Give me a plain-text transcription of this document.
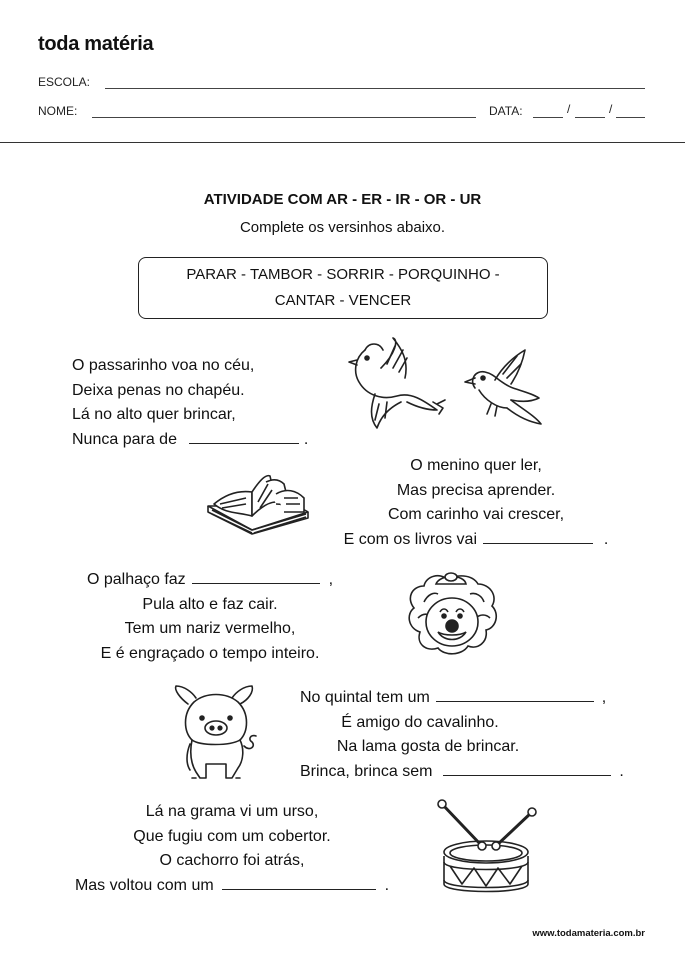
toda matéria
ESCOLA:
NOME:	DATA:	/	/
ATIVIDADE COM AR - ER - IR - OR - UR
Complete os versinhos abaixo.
PARAR - TAMBOR - SORRIR - PORQUINHO -
CANTAR - VENCER
O passarinho voa no céu,
Deixa penas no chapéu.
Lá no alto quer brincar,
Nunca para de	.
O menino quer ler,
Mas precisa aprender.
Com carinho vai crescer,
E com os livros vai	.
O palhaço faz	,
Pula alto e faz cair.
Tem um nariz vermelho,
E é engraçado o tempo inteiro.
No quintal tem um	,
É amigo do cavalinho.
Na lama gosta de brincar.
Brinca, brinca sem	.
Lá na grama vi um urso,
Que fugiu com um cobertor.
O cachorro foi atrás,
Mas voltou com um	.
www.todamateria.com.br
